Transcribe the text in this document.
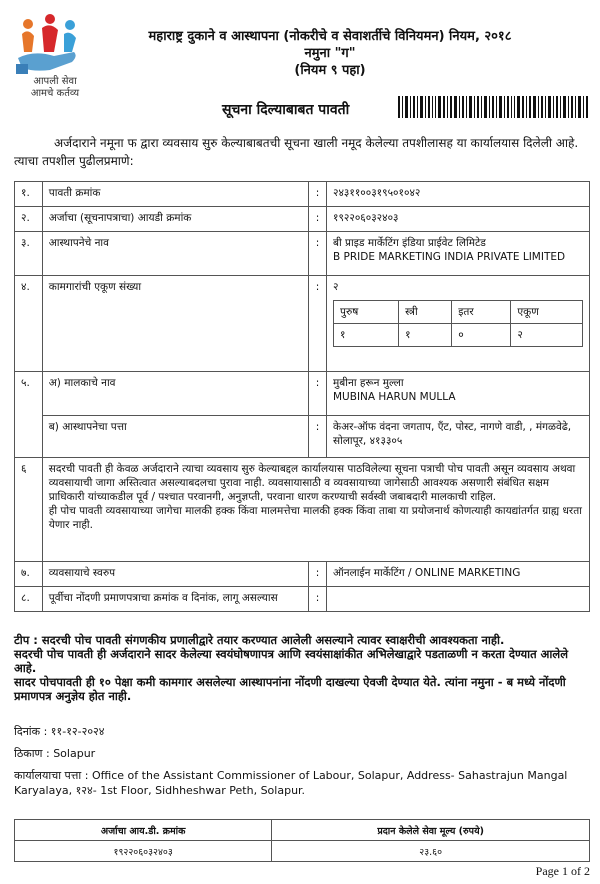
आपली सेवा
आमचे कर्तव्य
महाराष्ट्र दुकाने व आस्थापना (नोकरीचे व सेवाशर्तीचे विनियमन) नियम, २०१८
नमुना "ग"
(नियम ९ पहा)
सूचना दिल्याबाबत पावती
अर्जदाराने नमूना फ द्वारा व्यवसाय सुरु केल्याबाबतची सूचना खाली नमूद केलेल्या तपशीलासह या कार्यालयास दिलेली आहे. त्याचा तपशील पुढीलप्रमाणे:
१.	पावती क्रमांक	:	२४३११००३१९५०१०४२
२.	अर्जाचा (सूचनापत्राचा) आयडी क्रमांक	:	१९२२०६०३२४०३
३.	आस्थापनेचे नाव	:	बी प्राइड मार्केटिंग इंडिया प्राईवेट लिमिटेड
B PRIDE MARKETING INDIA PRIVATE LIMITED

४.	कामगारांची एकूण संख्या	:	२
पुरुष	स्त्री	इतर	एकूण
१	१	०	२

५.	अ) मालकाचे नाव	:	मुबीना हरून मुल्ला
MUBINA HARUN MULLA

ब) आस्थापनेचा पत्ता	:	केअर-ऑफ वंदना जगताप, एँट, पोस्ट, नागणे वाडी, , मंगळवेढे, सोलापूर, ४१३३०५
६	सदरची पावती ही केवळ अर्जदाराने त्याचा व्यवसाय सुरु केल्याबद्दल कार्यालयास पाठविलेल्या सूचना पत्राची पोच पावती असून व्यवसाय अथवा व्यवसायाची जागा अस्तित्वात असल्याबदलचा पुरावा नाही. व्यवसायासाठी व व्यवसायाच्या जागेसाठी आवश्यक असणारी संबंधित सक्षम प्राधिकारी यांच्याकडील पूर्व / पश्चात परवानगी, अनुज्ञप्ती, परवाना धारण करण्याची सर्वस्वी जबाबदारी मालकाची राहिल.
ही पोच पावती व्यवसायाच्या जागेचा मालकी हक्क किंवा मालमत्तेचा मालकी हक्क किंवा ताबा या प्रयोजनार्थ कोणत्याही कायद्यांतर्गत ग्राह्य धरता येणार नाही.

७.	व्यवसायाचे स्वरुप	:	ऑनलाईन मार्केटिंग / ONLINE MARKETING
८.	पूर्वीचा नोंदणी प्रमाणपत्राचा क्रमांक व दिनांक, लागू असल्यास	:	
टीप : सदरची पोच पावती संगणकीय प्रणालीद्वारे तयार करण्यात आलेली असल्याने त्यावर स्वाक्षरीची आवश्यकता नाही.
सदरची पोच पावती ही अर्जदाराने सादर केलेल्या स्वयंघोषणापत्र आणि स्वयंसाक्षांकीत अभिलेखाद्वारे पडताळणी न करता देण्यात आलेले आहे.
सादर पोचपावती ही १० पेक्षा कमी कामगार असलेल्या आस्थापनांना नोंदणी दाखल्या ऐवजी देण्यात येते. त्यांना नमुना - ब मध्ये नोंदणी प्रमाणपत्र अनुज्ञेय होत नाही.
दिनांक : ११-१२-२०२४
ठिकाण : Solapur
कार्यालयाचा पत्ता : Office of the Assistant Commissioner of Labour, Solapur, Address- Sahastrajun Mangal Karyalaya, १२४- 1st Floor, Sidhheshwar Peth, Solapur.
अर्जाचा आय.डी. क्रमांक	प्रदान केलेले सेवा मूल्य (रुपये)
१९२२०६०३२४०३	२३.६०
Page 1 of 2
